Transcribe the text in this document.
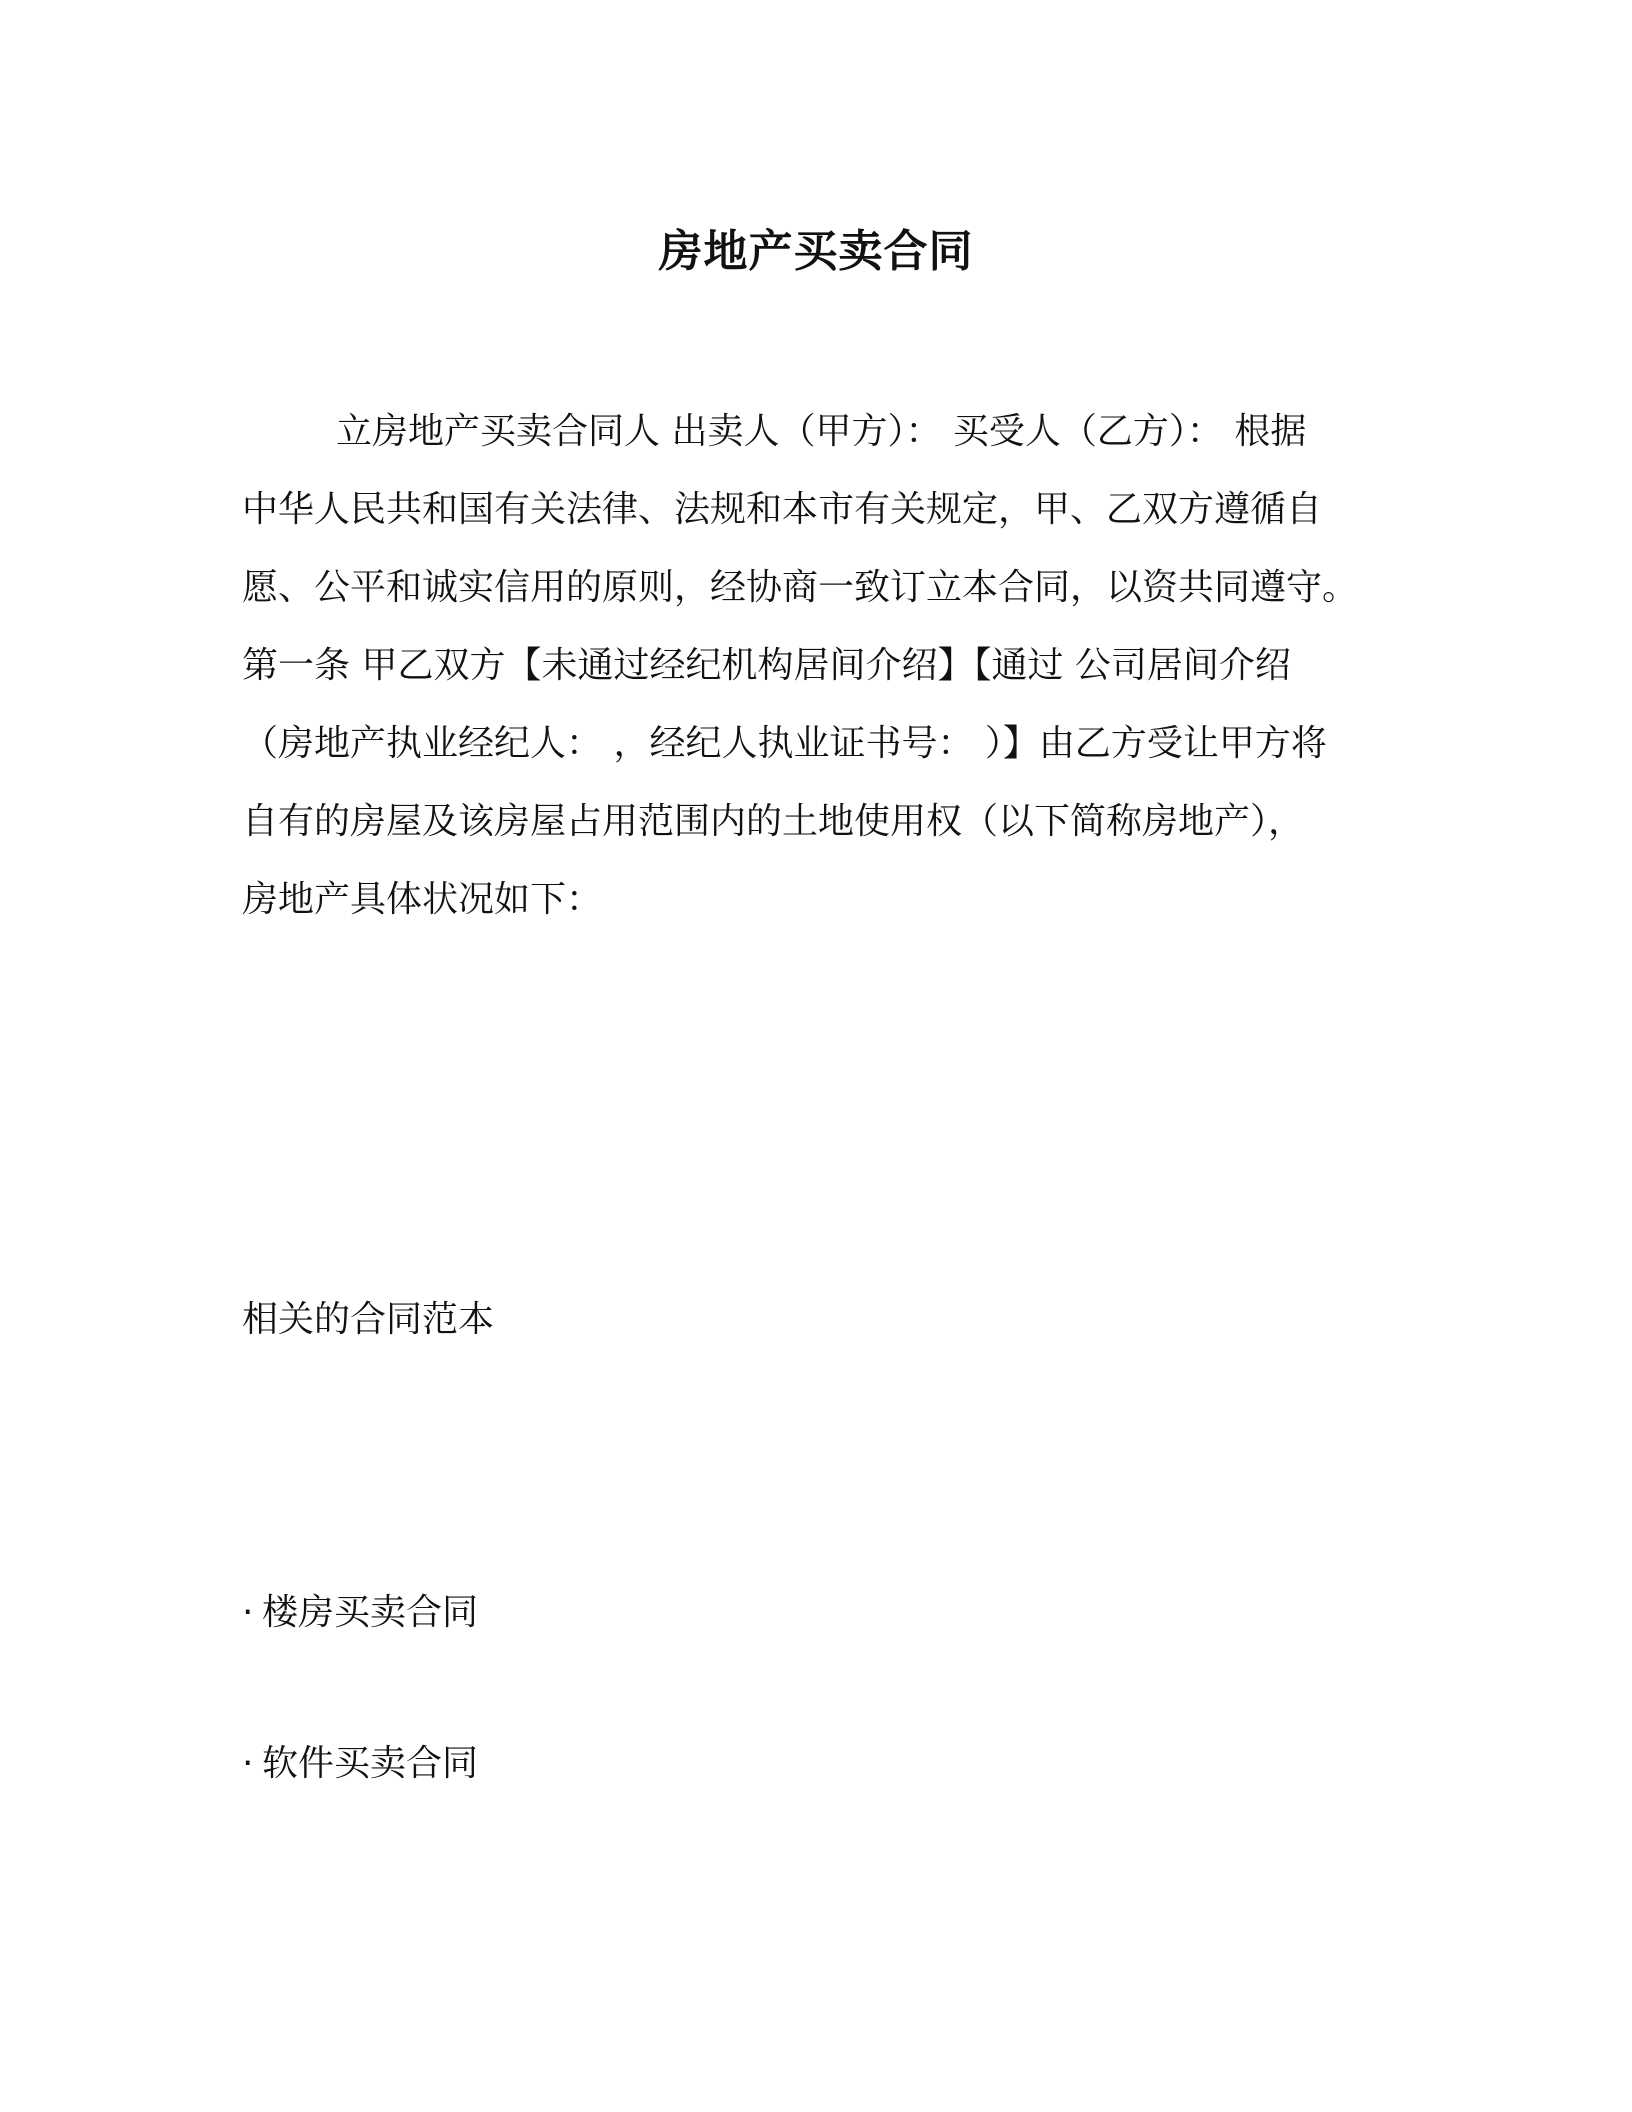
房地产买卖合同

立房地产买卖合同人 出卖人（甲方）： 买受人（乙方）： 根据

中华人民共和国有关法律、法规和本市有关规定，甲、乙双方遵循自

愿、公平和诚实信用的原则，经协商一致订立本合同，以资共同遵守。

第一条 甲乙双方【未通过经纪机构居间介绍】【通过 公司居间介绍

（房地产执业经纪人： ，经纪人执业证书号： ）】由乙方受让甲方将

自有的房屋及该房屋占用范围内的土地使用权（以下简称房地产），

房地产具体状况如下：

相关的合同范本
· 楼房买卖合同
· 软件买卖合同
